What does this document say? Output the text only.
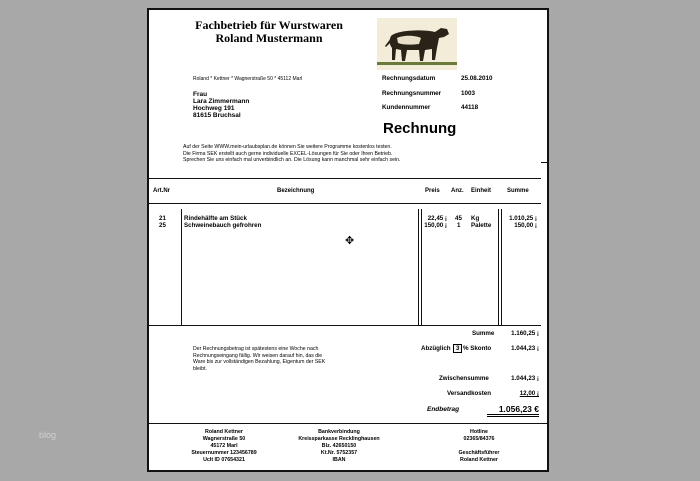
blog
Fachbetrieb für Wurstwaren
Roland Mustermann
Roland * Kettner * Wagnerstraße 50 * 45112 Marl
Frau
Lara Zimmermann
Hochweg 191
81615 Bruchsal
Rechnungsdatum	25.08.2010
Rechnungsnummer	1003
Kundennummer	44118
Rechnung
Auf der Seite WWW.mein-urlaubsplan.de können Sie weitere Programme kostenlos testen.
Die Firma SEK erstellt auch gerne individuelle EXCEL-Lösungen für Sie oder Ihren Betrieb.
Sprechen Sie uns einfach mal unverbindlich an. Die Lösung kann manchmal sehr einfach sein.
Art.Nr	Bezeichnung	Preis Anz. Einheit	Summe
21	Rindehälfte am Stück	22,45 ¡ 45 Kg	1.010,25 ¡
25	Schweinebauch gefrohren	150,00 ¡ 1 Palette	150,00 ¡
✥
Summe	1.160,25 ¡
Abzüglich 3 % Skonto	1.044,23 ¡
Zwischensumme	1.044,23 ¡
Versandkosten	12,00 ¡
Endbetrag	1.056,23 €
Der Rechnungsbetrag ist spätestens eine Woche nach
Rechnungseingang fällig. Wir weisen darauf hin, das die
Ware bis zur vollständigen Bezahlung, Eigentum der SEK
bleibt.
Roland Kettner
Wagnerstraße 50
45172 Marl
Steuernummer 123456789
UcIt ID 07654321
Bankverbindung
Kreissparkasse Recklinghausen
Blz. 42650150
Kt.Nr. 5752357
IBAN
Hotline
02365/84376
Geschäftsführer
Roland Kettner
